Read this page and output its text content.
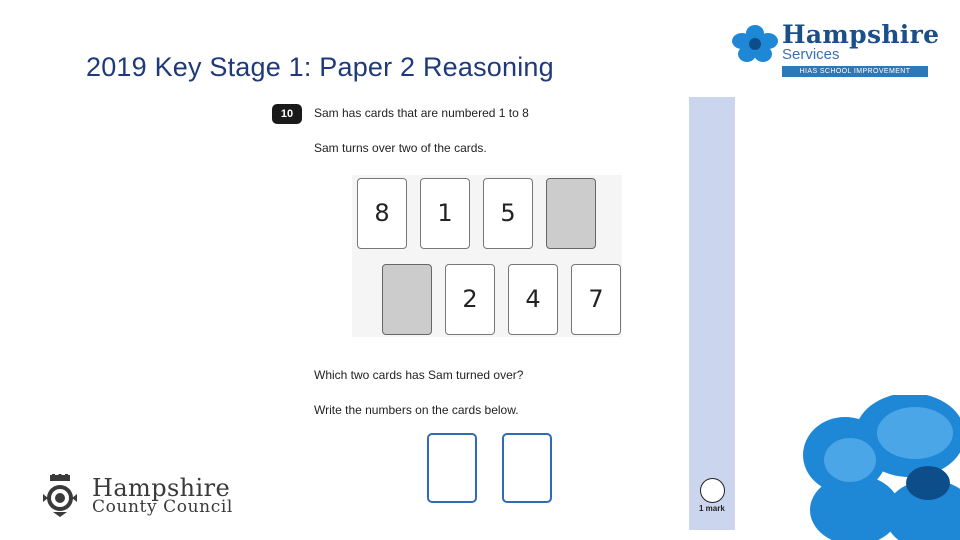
2019 Key Stage 1: Paper 2 Reasoning
Hampshire
Services
HIAS SCHOOL IMPROVEMENT
10	Sam has cards that are numbered 1 to 8
Sam turns over two of the cards.
8	1	5
2	4	7
Which two cards has Sam turned over?
Write the numbers on the cards below.
1 mark
Hampshire
County Council
